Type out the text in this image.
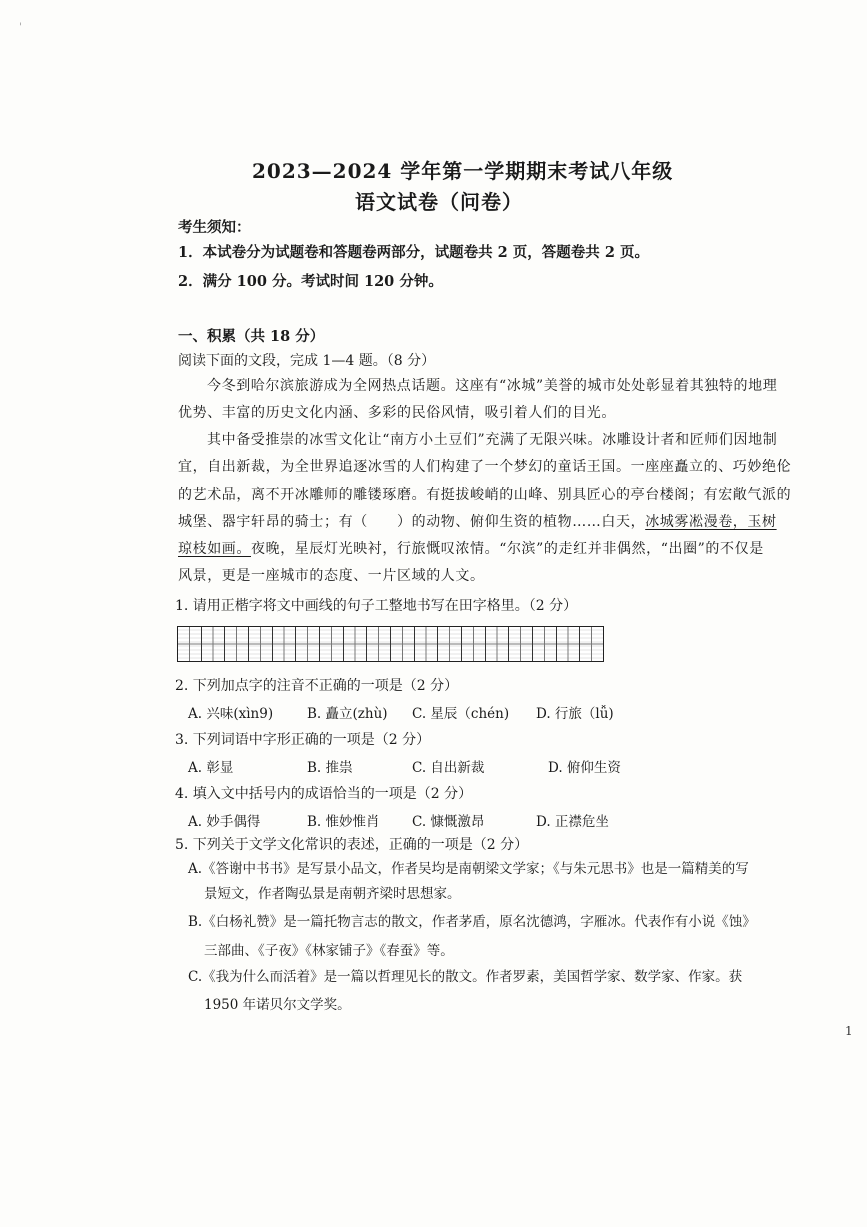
'
2023—2024 学年第一学期期末考试八年级
语文试卷（问卷）
考生须知：
1．本试卷分为试题卷和答题卷两部分，试题卷共 2 页，答题卷共 2 页。
2．满分 100 分。考试时间 120 分钟。
一、积累（共 18 分）
阅读下面的文段，完成 1—4 题。（8 分）
今冬到哈尔滨旅游成为全网热点话题。这座有“冰城”美誉的城市处处彰显着其独特的地理
优势、丰富的历史文化内涵、多彩的民俗风情，吸引着人们的目光。
其中备受推崇的冰雪文化让“南方小土豆们”充满了无限兴味。冰雕设计者和匠师们因地制
宜，自出新裁，为全世界追逐冰雪的人们构建了一个梦幻的童话王国。一座座矗立的、巧妙绝伦
的艺术品，离不开冰雕师的雕镂琢磨。有挺拔峻峭的山峰、别具匠心的亭台楼阁；有宏敞气派的
城堡、器宇轩昂的骑士；有（　　）的动物、俯仰生资的植物……白天，冰城雾凇漫卷，玉树
琼枝如画。夜晚，星辰灯光映衬，行旅慨叹浓情。“尔滨”的走红并非偶然，“出圈”的不仅是
风景，更是一座城市的态度、一片区域的人文。
1. 请用正楷字将文中画线的句子工整地书写在田字格里。（2 分）
2. 下列加点字的注音不正确的一项是（2 分）
A. 兴味(xìn9)	B. 矗立(zhù) C. 星辰（chén) D. 行旅（lǚ)
3. 下列词语中字形正确的一项是（2 分）
A. 彰显	B. 推祟	C. 自出新裁	D. 俯仰生资
4. 填入文中括号内的成语恰当的一项是（2 分）
A. 妙手偶得	B. 惟妙惟肖 C. 慷慨激昂	D. 正襟危坐
5. 下列关于文学文化常识的表述，正确的一项是（2 分）
A.《答谢中书书》是写景小品文，作者吴均是南朝梁文学家；《与朱元思书》也是一篇精美的写
景短文，作者陶弘景是南朝齐梁时思想家。
B.《白杨礼赞》是一篇托物言志的散文，作者茅盾，原名沈德鸿，字雁冰。代表作有小说《蚀》
三部曲、《子夜》《林家铺子》《春蚕》等。
C.《我为什么而活着》是一篇以哲理见长的散文。作者罗素，美国哲学家、数学家、作家。获
1950 年诺贝尔文学奖。
1
